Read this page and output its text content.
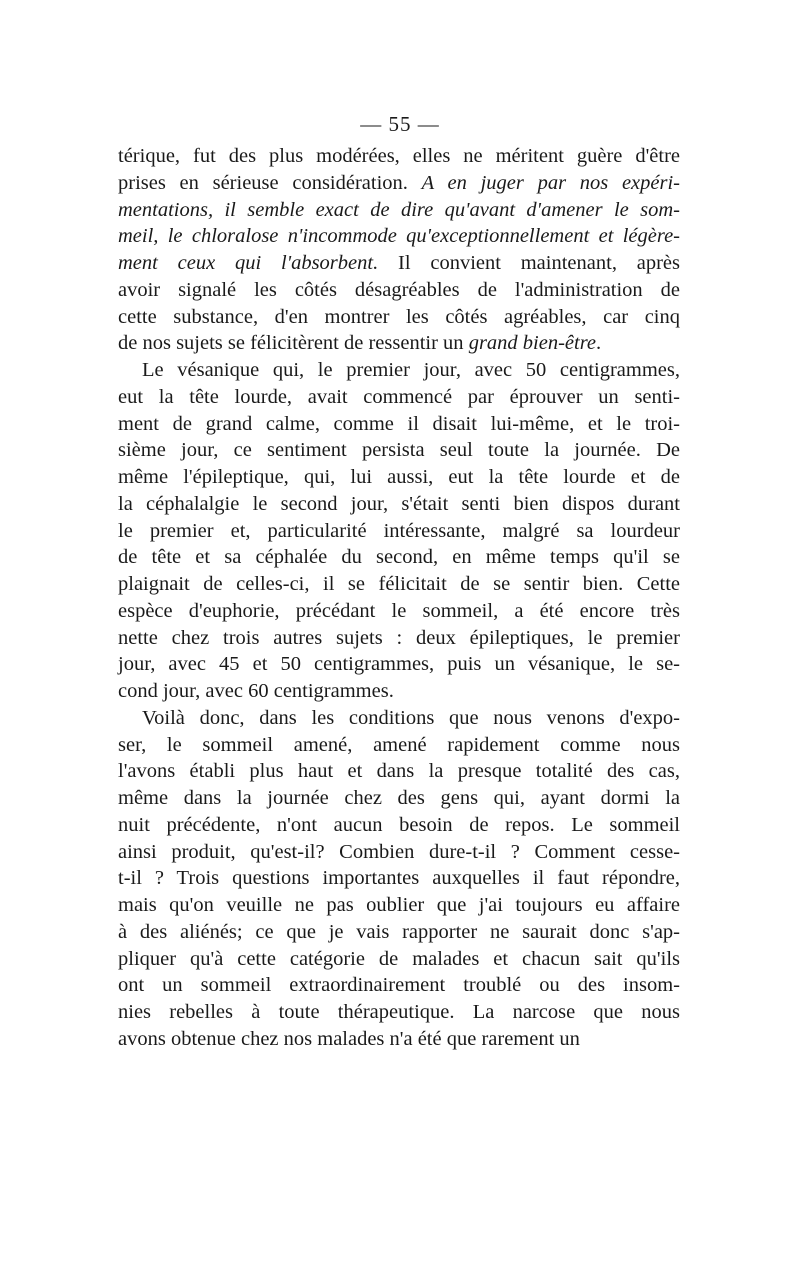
— 55 —
térique, fut des plus modérées, elles ne méritent guère d'être
prises en sérieuse considération. A en juger par nos expéri-
mentations, il semble exact de dire qu'avant d'amener le som-
meil, le chloralose n'incommode qu'exceptionnellement et légère-
ment ceux qui l'absorbent. Il convient maintenant, après
avoir signalé les côtés désagréables de l'administration de
cette substance, d'en montrer les côtés agréables, car cinq
de nos sujets se félicitèrent de ressentir un grand bien-être.
Le vésanique qui, le premier jour, avec 50 centigrammes,
eut la tête lourde, avait commencé par éprouver un senti-
ment de grand calme, comme il disait lui-même, et le troi-
sième jour, ce sentiment persista seul toute la journée. De
même l'épileptique, qui, lui aussi, eut la tête lourde et de
la céphalalgie le second jour, s'était senti bien dispos durant
le premier et, particularité intéressante, malgré sa lourdeur
de tête et sa céphalée du second, en même temps qu'il se
plaignait de celles-ci, il se félicitait de se sentir bien. Cette
espèce d'euphorie, précédant le sommeil, a été encore très
nette chez trois autres sujets : deux épileptiques, le premier
jour, avec 45 et 50 centigrammes, puis un vésanique, le se-
cond jour, avec 60 centigrammes.
Voilà donc, dans les conditions que nous venons d'expo-
ser, le sommeil amené, amené rapidement comme nous
l'avons établi plus haut et dans la presque totalité des cas,
même dans la journée chez des gens qui, ayant dormi la
nuit précédente, n'ont aucun besoin de repos. Le sommeil
ainsi produit, qu'est-il? Combien dure-t-il ? Comment cesse-
t-il ? Trois questions importantes auxquelles il faut répondre,
mais qu'on veuille ne pas oublier que j'ai toujours eu affaire
à des aliénés; ce que je vais rapporter ne saurait donc s'ap-
pliquer qu'à cette catégorie de malades et chacun sait qu'ils
ont un sommeil extraordinairement troublé ou des insom-
nies rebelles à toute thérapeutique. La narcose que nous
avons obtenue chez nos malades n'a été que rarement un
